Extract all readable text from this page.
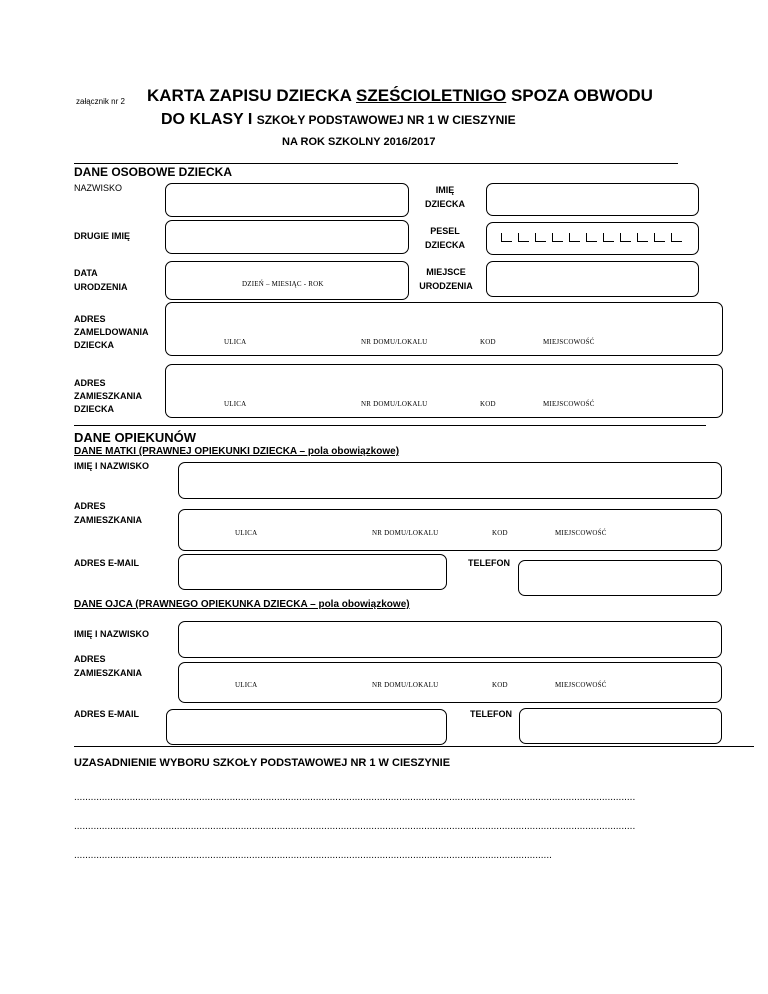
załącznik nr 2 KARTA ZAPISU DZIECKA SZEŚCIOLETNIGO SPOZA OBWODU
DO KLASY I SZKOŁY PODSTAWOWEJ NR 1 W CIESZYNIE
NA ROK SZKOLNY 2016/2017
DANE OSOBOWE DZIECKA
NAZWISKO	IMIĘ
DZIECKA
DRUGIE IMIĘ	PESEL
DZIECKA
DATA
URODZENIA	DZIEŃ – MIESIĄC - ROK
MIEJSCE
URODZENIA
ADRES
ZAMELDOWANIA
DZIECKA	ULICA	NR DOMU/LOKALU	KOD	MIEJSCOWOŚĆ
ADRES
ZAMIESZKANIA
DZIECKA	ULICA	NR DOMU/LOKALU	KOD	MIEJSCOWOŚĆ
DANE OPIEKUNÓW
DANE MATKI (PRAWNEJ OPIEKUNKI DZIECKA – pola obowiązkowe)
IMIĘ I NAZWISKO
ADRES
ZAMIESZKANIA
ULICA	NR DOMU/LOKALU	KOD	MIEJSCOWOŚĆ
ADRES E-MAIL	TELEFON
DANE OJCA (PRAWNEGO OPIEKUNKA DZIECKA – pola obowiązkowe)
IMIĘ I NAZWISKO
ADRES
ZAMIESZKANIA
ULICA	NR DOMU/LOKALU	KOD	MIEJSCOWOŚĆ
ADRES E-MAIL	TELEFON
UZASADNIENIE WYBORU SZKOŁY PODSTAWOWEJ NR 1 W CIESZYNIE
..........................................................................................................................................................................................................
..........................................................................................................................................................................................................
............................................................................................................................................................................
